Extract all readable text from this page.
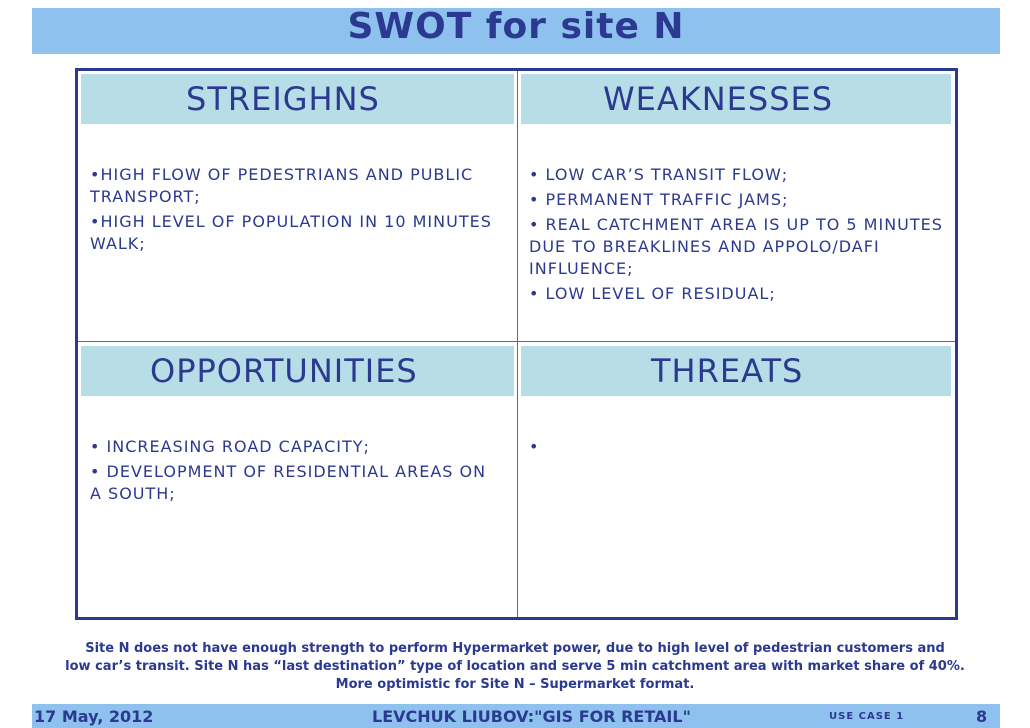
SWOT for site N
STREIGHNS	WEAKNESSES
OPPORTUNITIES	THREATS

•HIGH FLOW OF PEDESTRIANS AND PUBLIC TRANSPORT;

•HIGH LEVEL OF POPULATION IN 10 MINUTES WALK;

• LOW CAR’S TRANSIT FLOW;

• PERMANENT TRAFFIC JAMS;

• REAL CATCHMENT AREA IS UP TO 5 MINUTES DUE TO BREAKLINES AND APPOLO/DAFI INFLUENCE;

• LOW LEVEL OF RESIDUAL;

• INCREASING ROAD CAPACITY;

• DEVELOPMENT OF RESIDENTIAL AREAS ON A SOUTH;

•

Site N does not have enough strength to perform Hypermarket power, due to high level of pedestrian customers and
low car’s transit. Site N has “last destination” type of location and serve 5 min catchment area with market share of 40%.
More optimistic for Site N – Supermarket format.
17 May, 2012	LEVCHUK LIUBOV:"GIS FOR RETAIL"	USE CASE 1	8
